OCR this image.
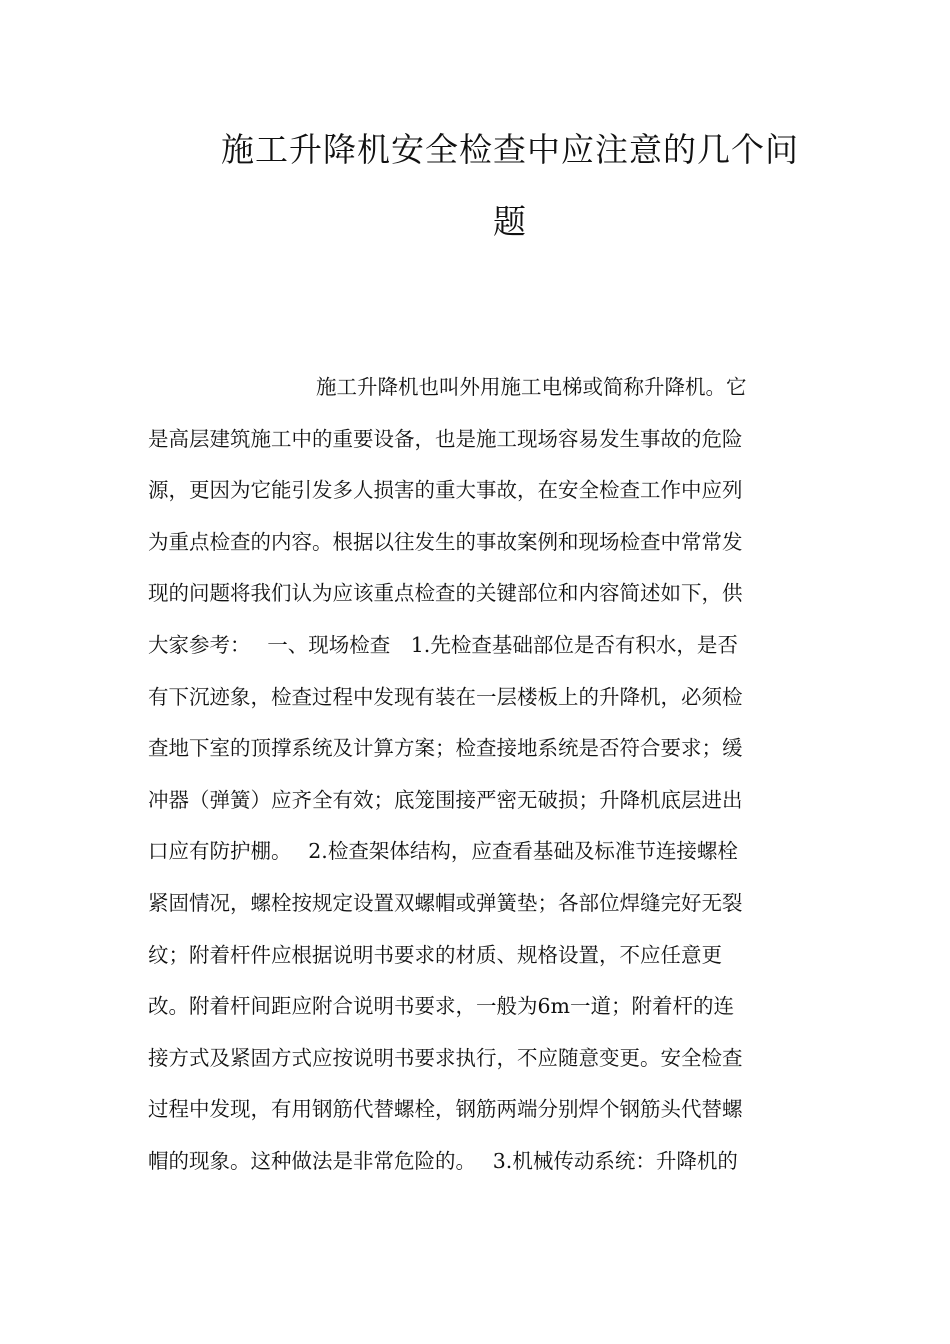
施工升降机安全检查中应注意的几个问
题
施工升降机也叫外用施工电梯或简称升降机。它
是高层建筑施工中的重要设备，也是施工现场容易发生事故的危险
源，更因为它能引发多人损害的重大事故，在安全检查工作中应列
为重点检查的内容。根据以往发生的事故案例和现场检查中常常发
现的问题将我们认为应该重点检查的关键部位和内容简述如下，供
大家参考：　 一、现场检查　1.先检查基础部位是否有积水，是否
有下沉迹象，检查过程中发现有装在一层楼板上的升降机，必须检
查地下室的顶撑系统及计算方案；检查接地系统是否符合要求；缓
冲器（弹簧）应齐全有效；底笼围接严密无破损；升降机底层进出
口应有防护棚。　 2.检查架体结构，应查看基础及标准节连接螺栓
紧固情况，螺栓按规定设置双螺帽或弹簧垫；各部位焊缝完好无裂
纹；附着杆件应根据说明书要求的材质、规格设置，不应任意更
改。附着杆间距应附合说明书要求，一般为6m一道；附着杆的连
接方式及紧固方式应按说明书要求执行，不应随意变更。安全检查
过程中发现，有用钢筋代替螺栓，钢筋两端分别焊个钢筋头代替螺
帽的现象。这种做法是非常危险的。　 3.机械传动系统：升降机的
